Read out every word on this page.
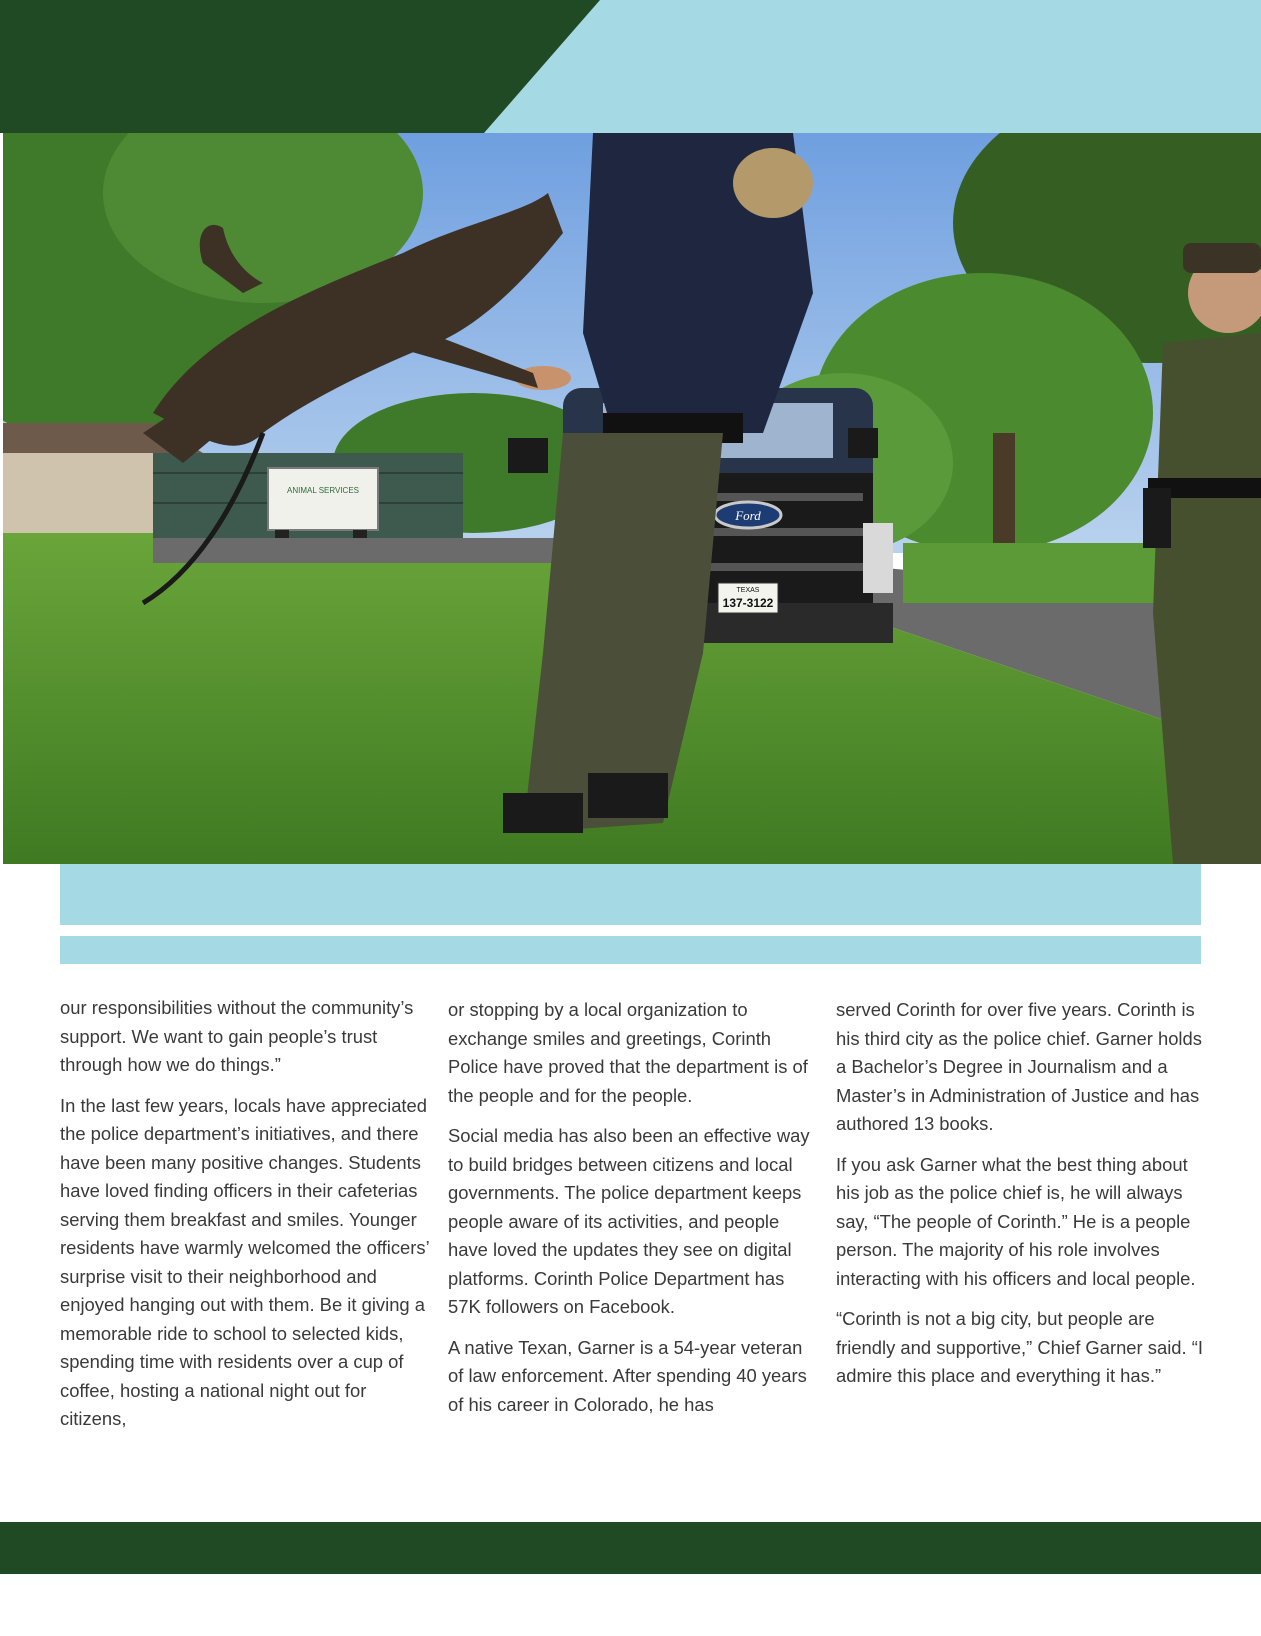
ANIMAL SERVICES
Ford
TEXAS
137-3122

our responsibilities without the community’s support. We want to gain people’s trust through how we do things.”

In the last few years, locals have appreciated the police department’s initiatives, and there have been many positive changes. Students have loved finding officers in their cafeterias serving them breakfast and smiles. Younger residents have warmly welcomed the officers’ surprise visit to their neighborhood and enjoyed hanging out with them. Be it giving a memorable ride to school to selected kids, spending time with residents over a cup of coffee, hosting a national night out for citizens,

or stopping by a local organization to exchange smiles and greetings, Corinth Police have proved that the department is of the people and for the people.

Social media has also been an effective way to build bridges between citizens and local governments. The police department keeps people aware of its activities, and people have loved the updates they see on digital platforms. Corinth Police Department has 57K followers on Facebook.

A native Texan, Garner is a 54-year veteran of law enforcement. After spending 40 years of his career in Colorado, he has

served Corinth for over five years. Corinth is his third city as the police chief. Garner holds a Bachelor’s Degree in Journalism and a Master’s in Administration of Justice and has authored 13 books.

If you ask Garner what the best thing about his job as the police chief is, he will always say, “The people of Corinth.” He is a people person. The majority of his role involves interacting with his officers and local people.

“Corinth is not a big city, but people are friendly and supportive,” Chief Garner said. “I admire this place and everything it has.”
